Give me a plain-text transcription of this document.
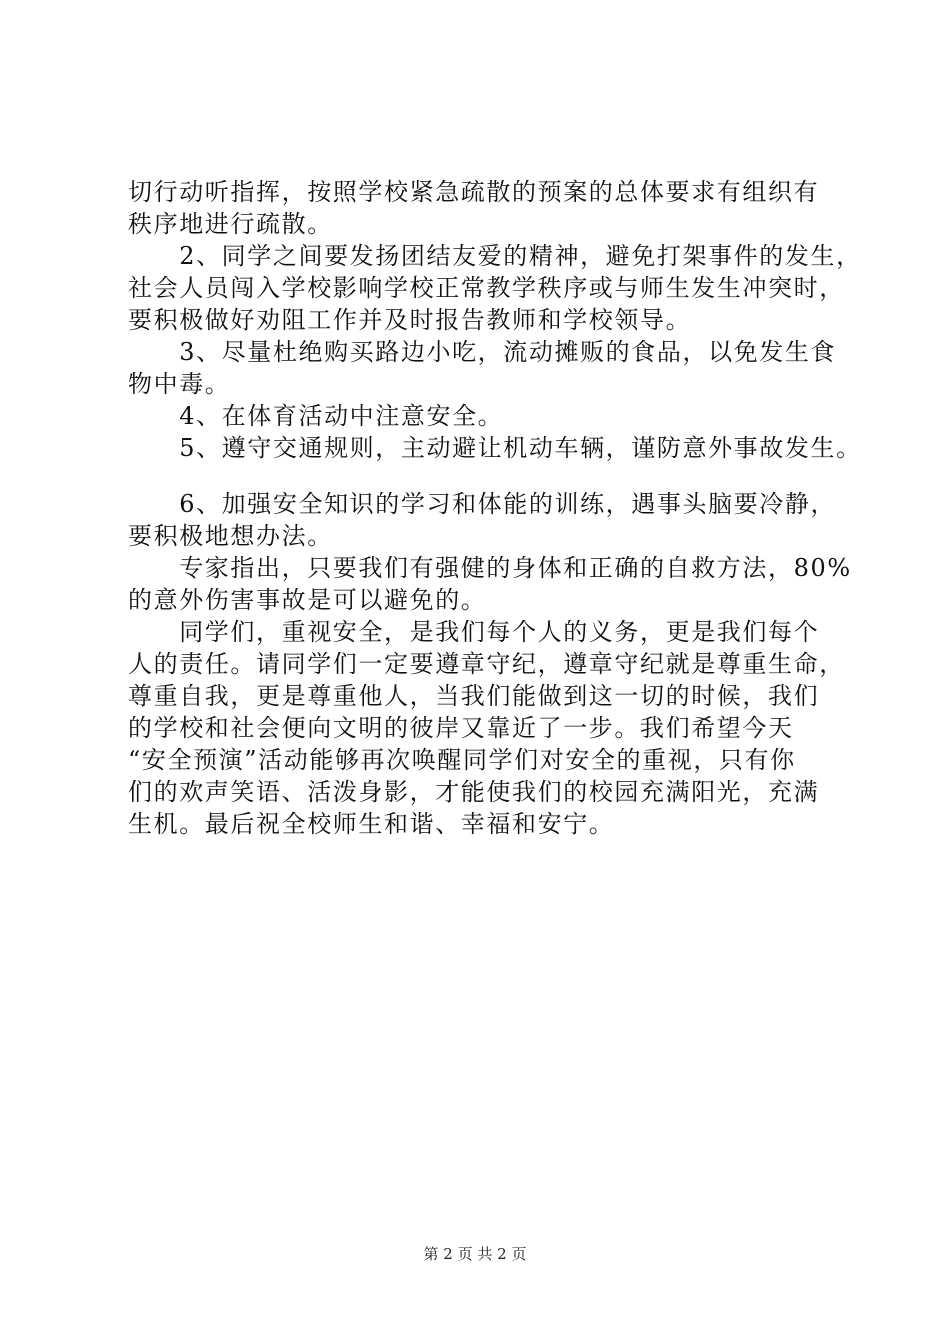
切行动听指挥，按照学校紧急疏散的预案的总体要求有组织有
秩序地进行疏散。
　　2、同学之间要发扬团结友爱的精神，避免打架事件的发生，
社会人员闯入学校影响学校正常教学秩序或与师生发生冲突时，
要积极做好劝阻工作并及时报告教师和学校领导。
　　3、尽量杜绝购买路边小吃，流动摊贩的食品，以免发生食
物中毒。
　　4、在体育活动中注意安全。
　　5、遵守交通规则，主动避让机动车辆，谨防意外事故发生。
　　6、加强安全知识的学习和体能的训练，遇事头脑要冷静，
要积极地想办法。
　　专家指出，只要我们有强健的身体和正确的自救方法，80%
的意外伤害事故是可以避免的。
　　同学们，重视安全，是我们每个人的义务，更是我们每个
人的责任。请同学们一定要遵章守纪，遵章守纪就是尊重生命，
尊重自我，更是尊重他人，当我们能做到这一切的时候，我们
的学校和社会便向文明的彼岸又靠近了一步。我们希望今天
“安全预演”活动能够再次唤醒同学们对安全的重视，只有你
们的欢声笑语、活泼身影，才能使我们的校园充满阳光，充满
生机。最后祝全校师生和谐、幸福和安宁。
第 2 页 共 2 页
